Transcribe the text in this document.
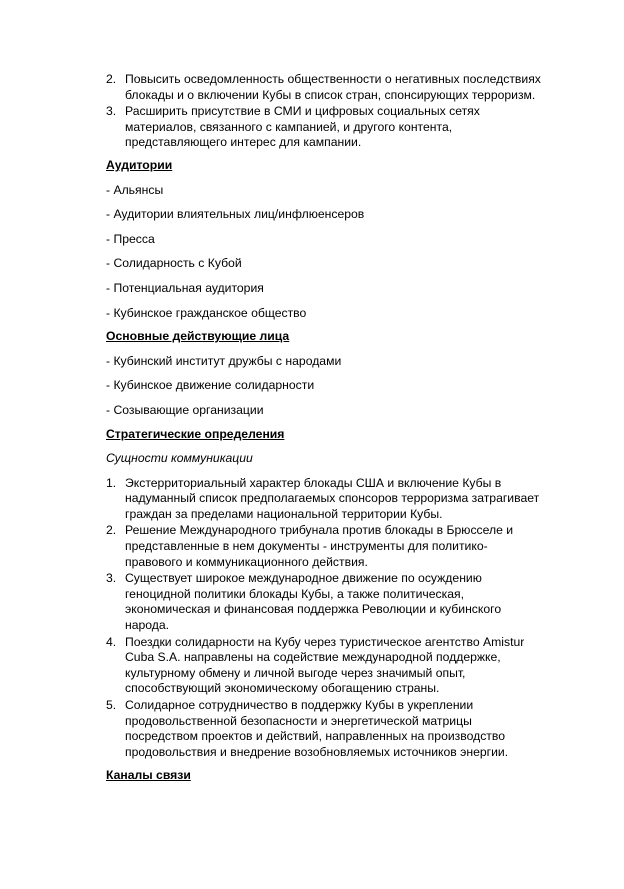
2. Повысить осведомленность общественности о негативных последствиях блокады и о включении Кубы в список стран, спонсирующих терроризм.
3. Расширить присутствие в СМИ и цифровых социальных сетях материалов, связанного с кампанией, и другого контента, представляющего интерес для кампании.

Аудитории

- Альянсы

- Аудитории влиятельных лиц/инфлюенсеров

- Пресса

- Солидарность с Кубой

- Потенциальная аудитория

- Кубинское гражданское общество

Основные действующие лица

- Кубинский институт дружбы с народами

- Кубинское движение солидарности

- Созывающие организации

Стратегические определения

Сущности коммуникации

1. Экстерриториальный характер блокады США и включение Кубы в надуманный список предполагаемых спонсоров терроризма затрагивает граждан за пределами национальной территории Кубы.
2. Решение Международного трибунала против блокады в Брюсселе и представленные в нем документы - инструменты для политико-правового и коммуникационного действия.
3. Существует широкое международное движение по осуждению геноцидной политики блокады Кубы, а также политическая, экономическая и финансовая поддержка Революции и кубинского народа.
4. Поездки солидарности на Кубу через туристическое агентство Amistur Cuba S.A. направлены на содействие международной поддержке, культурному обмену и личной выгоде через значимый опыт, способствующий экономическому обогащению страны.
5. Солидарное сотрудничество в поддержку Кубы в укреплении продовольственной безопасности и энергетической матрицы посредством проектов и действий, направленных на производство продовольствия и внедрение возобновляемых источников энергии.

Каналы связи
